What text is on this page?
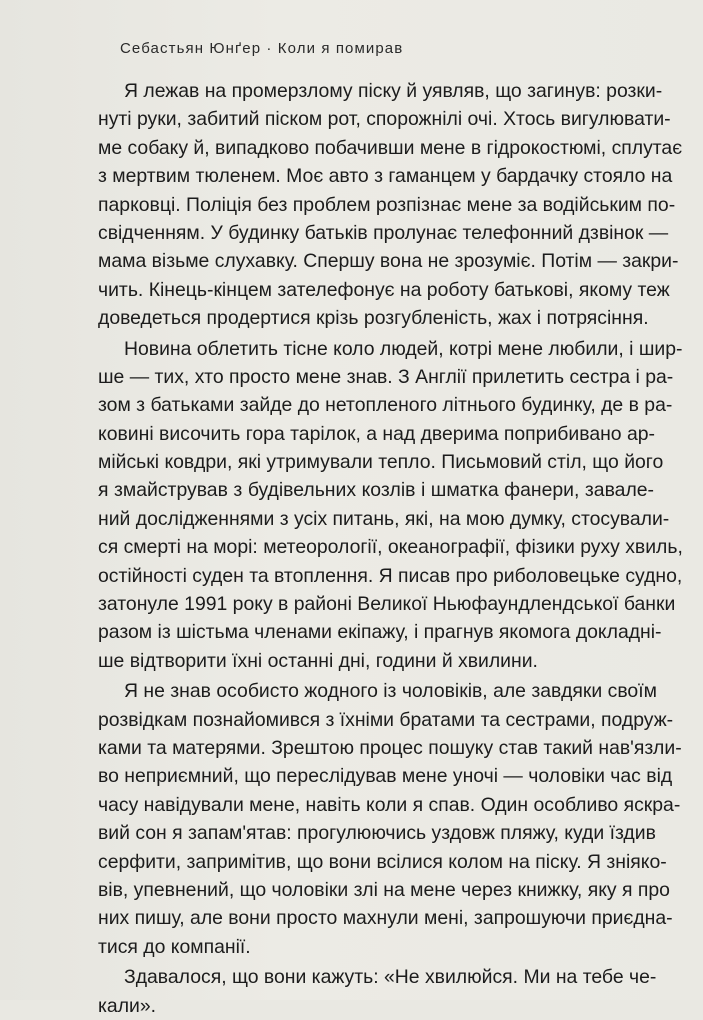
Себастьян Юнґер · Коли я помирав
Я лежав на промерзлому піску й уявляв, що загинув: розки-
нуті руки, забитий піском рот, спорожнілі очі. Хтось вигулювати-
ме собаку й, випадково побачивши мене в гідрокостюмі, сплутає
з мертвим тюленем. Моє авто з гаманцем у бардачку стояло на
парковці. Поліція без проблем розпізнає мене за водійським по-
свідченням. У будинку батьків пролунає телефонний дзвінок —
мама візьме слухавку. Спершу вона не зрозуміє. Потім — закри-
чить. Кінець-кінцем зателефонує на роботу батькові, якому теж
доведеться продертися крізь розгубленість, жах і потрясіння.
Новина облетить тісне коло людей, котрі мене любили, і шир-
ше — тих, хто просто мене знав. З Англії прилетить сестра і ра-
зом з батьками зайде до нетопленого літнього будинку, де в ра-
ковині височить гора тарілок, а над дверима поприбивано ар-
мійські ковдри, які утримували тепло. Письмовий стіл, що його
я змайстрував з будівельних козлів і шматка фанери, завале-
ний дослідженнями з усіх питань, які, на мою думку, стосували-
ся смерті на морі: метеорології, океанографії, фізики руху хвиль,
остійності суден та втоплення. Я писав про риболовецьке судно,
затонуле 1991 року в районі Великої Ньюфаундлендської банки
разом із шістьма членами екіпажу, і прагнув якомога докладні-
ше відтворити їхні останні дні, години й хвилини.
Я не знав особисто жодного із чоловіків, але завдяки своїм
розвідкам познайомився з їхніми братами та сестрами, подруж-
ками та матерями. Зрештою процес пошуку став такий нав'язли-
во неприємний, що переслідував мене уночі — чоловіки час від
часу навідували мене, навіть коли я спав. Один особливо яскра-
вий сон я запам'ятав: прогулюючись уздовж пляжу, куди їздив
серфити, запримітив, що вони всілися колом на піску. Я зніяко-
вів, упевнений, що чоловіки злі на мене через книжку, яку я про
них пишу, але вони просто махнули мені, запрошуючи приєдна-
тися до компанії.
Здавалося, що вони кажуть: «Не хвилюйся. Ми на тебе че-
кали».
